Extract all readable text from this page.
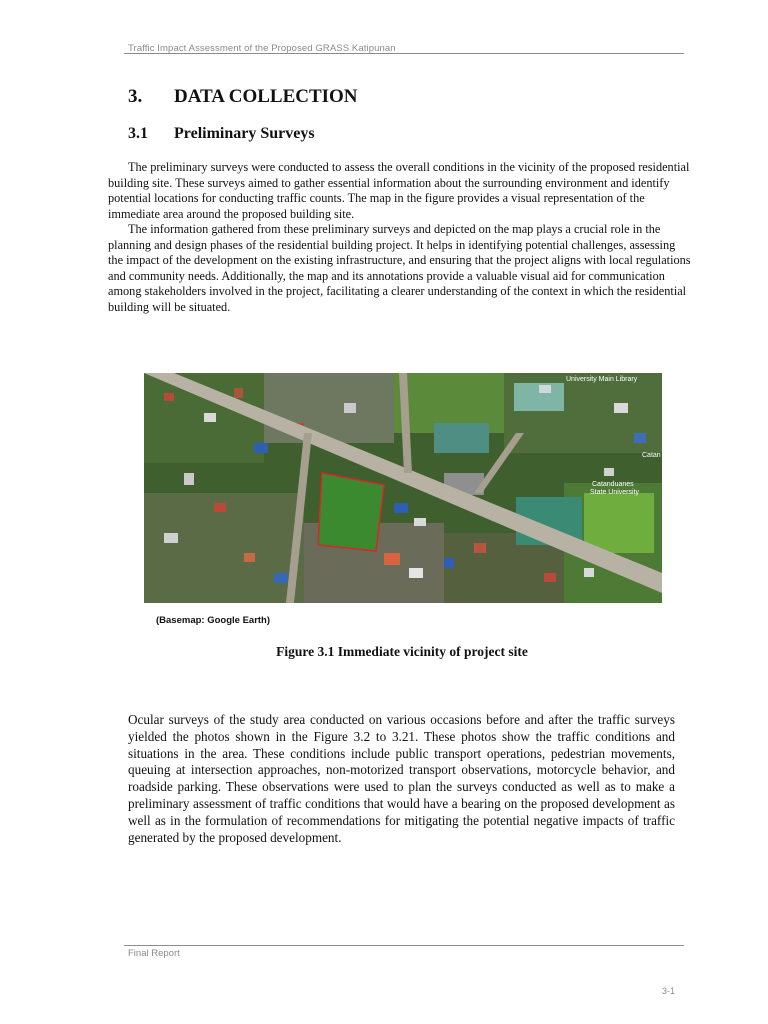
Traffic Impact Assessment of the Proposed GRASS Katipunan
3. DATA COLLECTION
3.1 Preliminary Surveys

The preliminary surveys were conducted to assess the overall conditions in the vicinity of the proposed residential building site. These surveys aimed to gather essential information about the surrounding environment and identify potential locations for conducting traffic counts. The map in the figure provides a visual representation of the immediate area around the proposed building site.

The information gathered from these preliminary surveys and depicted on the map plays a crucial role in the planning and design phases of the residential building project. It helps in identifying potential challenges, assessing the impact of the development on the existing infrastructure, and ensuring that the project aligns with local regulations and community needs. Additionally, the map and its annotations provide a valuable visual aid for communication among stakeholders involved in the project, facilitating a clearer understanding of the context in which the residential building will be situated.

University Main Library
Catan
Catanduanes
State University
(Basemap: Google Earth)
Figure 3.1 Immediate vicinity of project site

Ocular surveys of the study area conducted on various occasions before and after the traffic surveys yielded the photos shown in the Figure 3.2 to 3.21. These photos show the traffic conditions and situations in the area. These conditions include public transport operations, pedestrian movements, queuing at intersection approaches, non-motorized transport observations, motorcycle behavior, and roadside parking. These observations were used to plan the surveys conducted as well as to make a preliminary assessment of traffic conditions that would have a bearing on the proposed development as well as in the formulation of recommendations for mitigating the potential negative impacts of traffic generated by the proposed development.

Final Report
3-1
